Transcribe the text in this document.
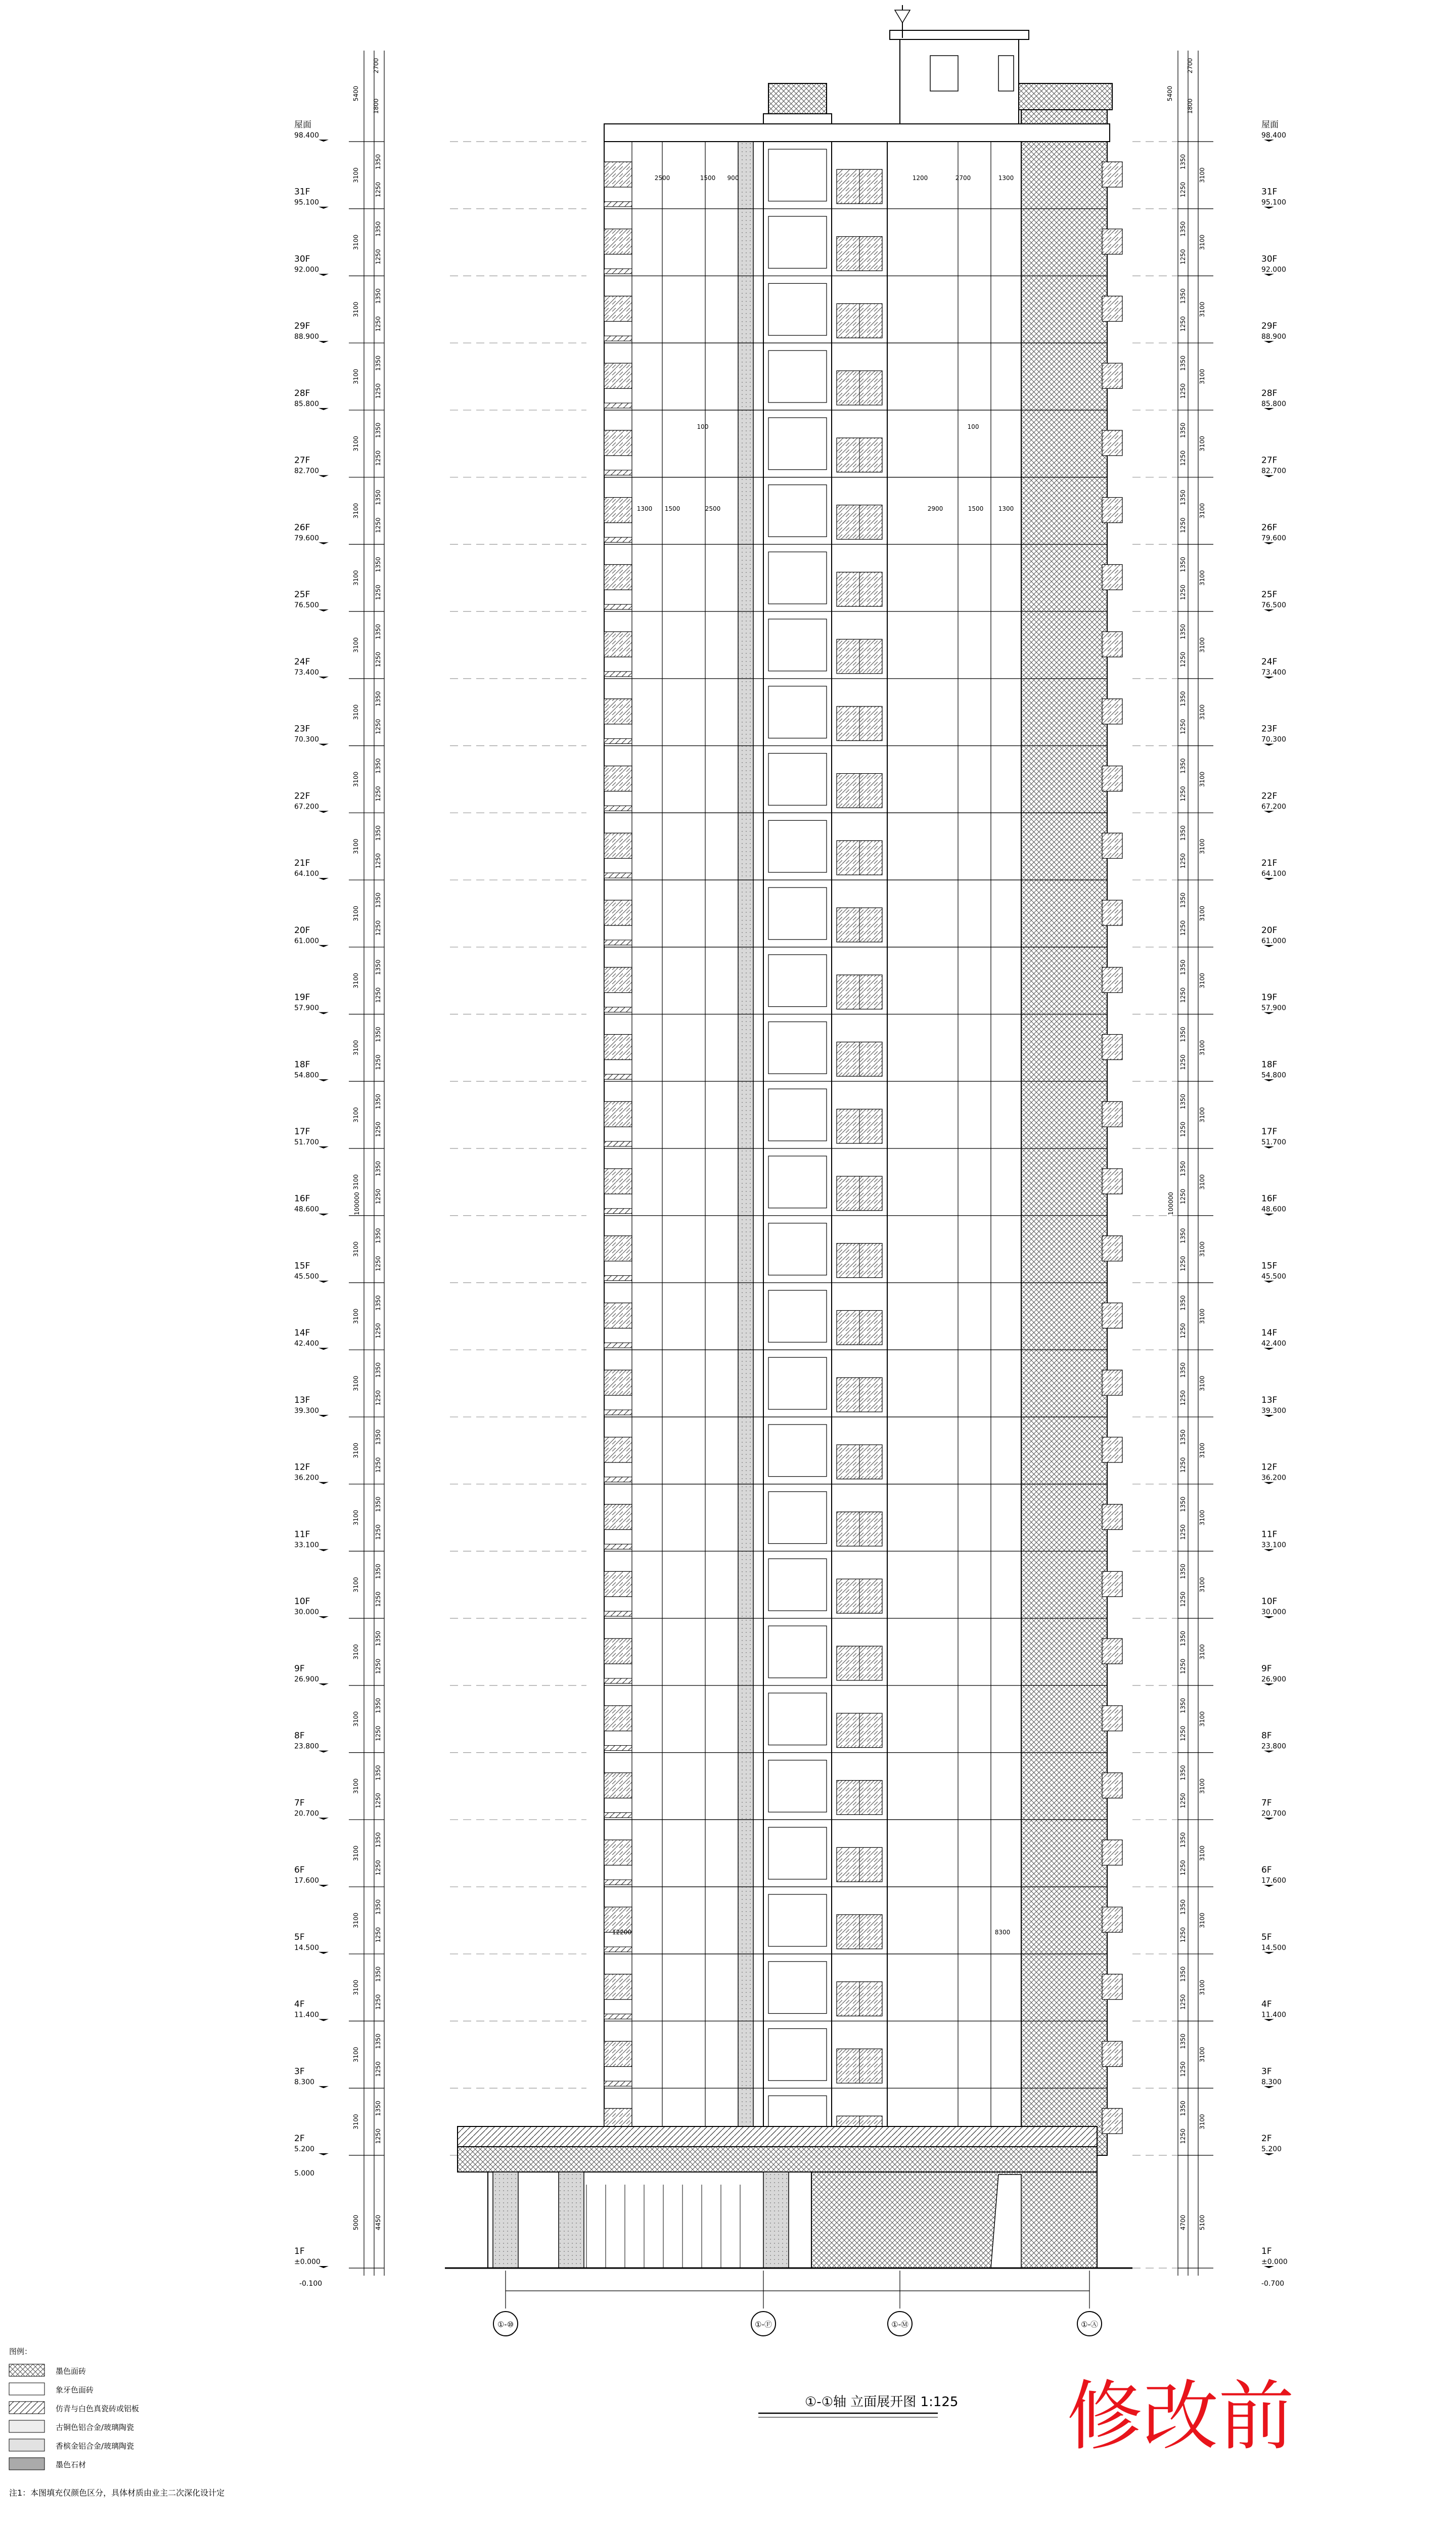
2700
1800
5400
2700
1800
5400
100000	100000
3100
1350
1250
3100
1350
1250
3100
1350
1250
3100
1350
1250
3100
1350
1250
3100
1350
1250
3100
1350
1250
3100
1350
1250
3100
1350
1250
3100
1350
1250
3100
1350
1250
3100
1350
1250
3100
1350
1250
3100
1350
1250
3100
1350
1250
3100
1350
1250
3100
1350
1250
3100
1350
1250
3100
1350
1250
3100
1350
1250
3100
1350
1250
3100
1350
1250
3100
1350
1250
3100
1350
1250
3100
1350
1250
3100
1350
1250
3100
1350
1250
3100
1350
1250
3100
1350
1250
3100
1350
1250
3100
1350
1250
3100
1350
1250
3100
1350
1250
3100
1350
1250
3100
1350
1250
3100
1350
1250
3100
1350
1250
3100
1350
1250
3100
1350
1250
3100
1350
1250
3100
1350
1250
3100
1350
1250
3100
1350
1250
3100
1350
1250
3100
1350
1250
3100
1350
1250
3100
1350
1250
3100
1350
1250
3100
1350
1250
3100
1350
1250
3100
1350
1250
3100
1350
1250
3100
1350
1250
3100
1350
1250
3100
1350
1250
3100
1350
1250
3100
1350
1250
3100
1350
1250
3100
1350
1250
3100
1350
1250
4450
5000	4700 5100
屋面
98.400
屋面
98.400
31F
95.100
31F
95.100
30F
92.000
30F
92.000
29F
88.900
29F
88.900
28F
85.800
28F
85.800
27F
82.700
27F
82.700
26F
79.600
26F
79.600
25F
76.500
25F
76.500
24F
73.400
24F
73.400
23F
70.300
23F
70.300
22F
67.200
22F
67.200
21F
64.100
21F
64.100
20F
61.000
20F
61.000
19F
57.900
19F
57.900
18F
54.800
18F
54.800
17F
51.700
17F
51.700
16F
48.600
16F
48.600
15F
45.500
15F
45.500
14F
42.400
14F
42.400
13F
39.300
13F
39.300
12F
36.200
12F
36.200
11F
33.100
11F
33.100
10F
30.000
10F
30.000
9F
26.900
9F
26.900
8F
23.800
8F
23.800
7F
20.700
7F
20.700
6F
17.600
6F
17.600
5F
14.500
5F
14.500
4F
11.400
4F
11.400
3F
8.300
3F
8.300
2F
5.200
2F
5.200
1F
±0.000
1F
±0.000
5.000
-0.100	-0.700
①-⑩	①-Ⓕ	①-Ⓜ	①-Ⓐ
12200	8300
2500	1500 900	1200	2700	1300
1300 1500	2500	2900	1500 1300
100	100
①-①轴 立面展开图 1:125 修改前
图例：
墨色面砖
象牙色面砖
仿青与白色真瓷砖或铝板
古铜色铝合金/玻璃陶瓷
香槟金铝合金/玻璃陶瓷
墨色石材
注1：本图填充仅颜色区分，具体材质由业主二次深化设计定
